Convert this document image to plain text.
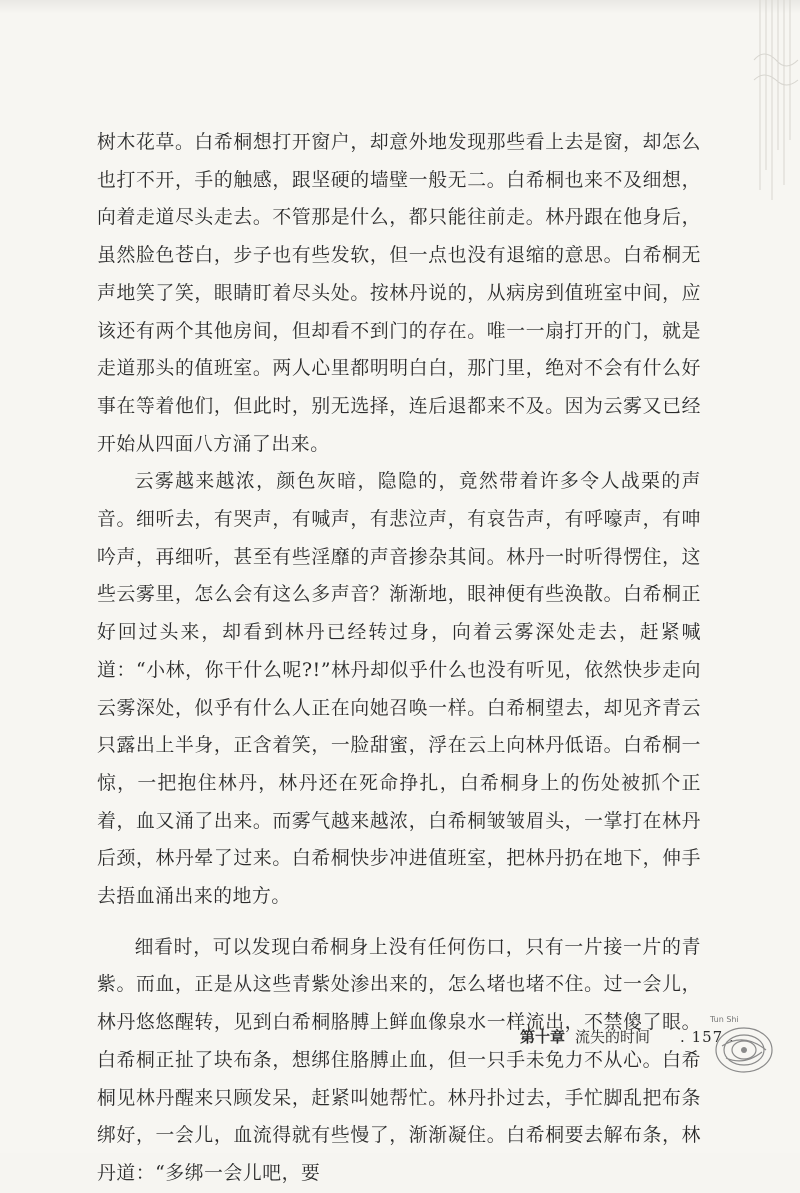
树木花草。白希桐想打开窗户，却意外地发现那些看上去是窗，却怎么也打不开，手的触感，跟坚硬的墙壁一般无二。白希桐也来不及细想，向着走道尽头走去。不管那是什么，都只能往前走。林丹跟在他身后，虽然脸色苍白，步子也有些发软，但一点也没有退缩的意思。白希桐无声地笑了笑，眼睛盯着尽头处。按林丹说的，从病房到值班室中间，应该还有两个其他房间，但却看不到门的存在。唯一一扇打开的门，就是走道那头的值班室。两人心里都明明白白，那门里，绝对不会有什么好事在等着他们，但此时，别无选择，连后退都来不及。因为云雾又已经开始从四面八方涌了出来。

云雾越来越浓，颜色灰暗，隐隐的，竟然带着许多令人战栗的声音。细听去，有哭声，有喊声，有悲泣声，有哀告声，有呼嚎声，有呻吟声，再细听，甚至有些淫靡的声音掺杂其间。林丹一时听得愣住，这些云雾里，怎么会有这么多声音？渐渐地，眼神便有些涣散。白希桐正好回过头来，却看到林丹已经转过身，向着云雾深处走去，赶紧喊道：“小林，你干什么呢?!”林丹却似乎什么也没有听见，依然快步走向云雾深处，似乎有什么人正在向她召唤一样。白希桐望去，却见齐青云只露出上半身，正含着笑，一脸甜蜜，浮在云上向林丹低语。白希桐一惊，一把抱住林丹，林丹还在死命挣扎，白希桐身上的伤处被抓个正着，血又涌了出来。而雾气越来越浓，白希桐皱皱眉头，一掌打在林丹后颈，林丹晕了过来。白希桐快步冲进值班室，把林丹扔在地下，伸手去捂血涌出来的地方。

细看时，可以发现白希桐身上没有任何伤口，只有一片接一片的青紫。而血，正是从这些青紫处渗出来的，怎么堵也堵不住。过一会儿，林丹悠悠醒转，见到白希桐胳膊上鲜血像泉水一样流出，不禁傻了眼。白希桐正扯了块布条，想绑住胳膊止血，但一只手未免力不从心。白希桐见林丹醒来只顾发呆，赶紧叫她帮忙。林丹扑过去，手忙脚乱把布条绑好，一会儿，血流得就有些慢了，渐渐凝住。白希桐要去解布条，林丹道：“多绑一会儿吧，要

第十章 流失的时间 . 157 .
Tun Shi
